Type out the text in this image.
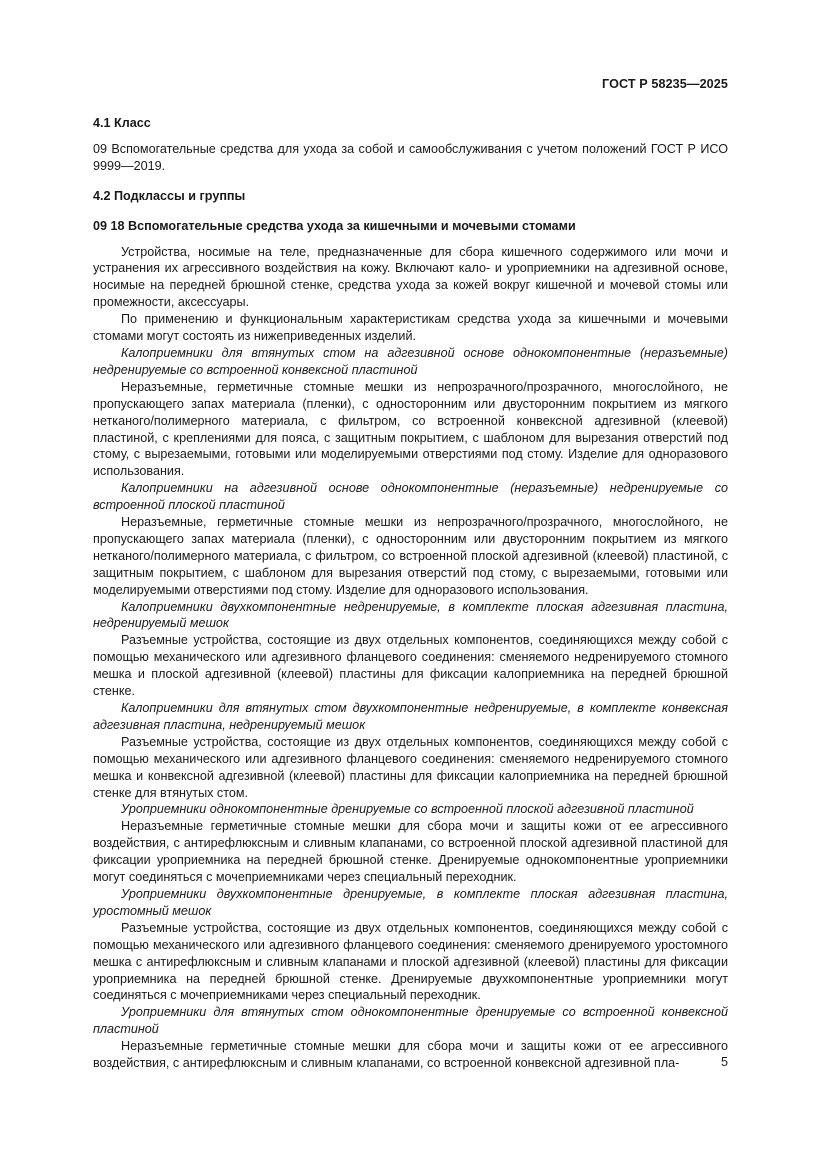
ГОСТ Р 58235—2025

4.1 Класс

09 Вспомогательные средства для ухода за собой и самообслуживания с учетом положений ГОСТ Р ИСО 9999—2019.

4.2 Подклассы и группы

09 18 Вспомогательные средства ухода за кишечными и мочевыми стомами

Устройства, носимые на теле, предназначенные для сбора кишечного содержимого или мочи и устранения их агрессивного воздействия на кожу. Включают кало- и уроприемники на адгезивной основе, носимые на передней брюшной стенке, средства ухода за кожей вокруг кишечной и мочевой стомы или промежности, аксессуары.

По применению и функциональным характеристикам средства ухода за кишечными и мочевыми стомами могут состоять из нижеприведенных изделий.

Калоприемники для втянутых стом на адгезивной основе однокомпонентные (неразъемные) недренируемые со встроенной конвексной пластиной

Неразъемные, герметичные стомные мешки из непрозрачного/прозрачного, многослойного, не пропускающего запах материала (пленки), с односторонним или двусторонним покрытием из мягкого нетканого/полимерного материала, с фильтром, со встроенной конвексной адгезивной (клеевой) пластиной, с креплениями для пояса, с защитным покрытием, с шаблоном для вырезания отверстий под стому, с вырезаемыми, готовыми или моделируемыми отверстиями под стому. Изделие для одноразового использования.

Калоприемники на адгезивной основе однокомпонентные (неразъемные) недренируемые со встроенной плоской пластиной

Неразъемные, герметичные стомные мешки из непрозрачного/прозрачного, многослойного, не пропускающего запах материала (пленки), с односторонним или двусторонним покрытием из мягкого нетканого/полимерного материала, с фильтром, со встроенной плоской адгезивной (клеевой) пластиной, с защитным покрытием, с шаблоном для вырезания отверстий под стому, с вырезаемыми, готовыми или моделируемыми отверстиями под стому. Изделие для одноразового использования.

Калоприемники двухкомпонентные недренируемые, в комплекте плоская адгезивная пластина, недренируемый мешок

Разъемные устройства, состоящие из двух отдельных компонентов, соединяющихся между собой с помощью механического или адгезивного фланцевого соединения: сменяемого недренируемого стомного мешка и плоской адгезивной (клеевой) пластины для фиксации калоприемника на передней брюшной стенке.

Калоприемники для втянутых стом двухкомпонентные недренируемые, в комплекте конвексная адгезивная пластина, недренируемый мешок

Разъемные устройства, состоящие из двух отдельных компонентов, соединяющихся между собой с помощью механического или адгезивного фланцевого соединения: сменяемого недренируемого стомного мешка и конвексной адгезивной (клеевой) пластины для фиксации калоприемника на передней брюшной стенке для втянутых стом.

Уроприемники однокомпонентные дренируемые со встроенной плоской адгезивной пластиной

Неразъемные герметичные стомные мешки для сбора мочи и защиты кожи от ее агрессивного воздействия, с антирефлюксным и сливным клапанами, со встроенной плоской адгезивной пластиной для фиксации уроприемника на передней брюшной стенке. Дренируемые однокомпонентные уроприемники могут соединяться с мочеприемниками через специальный переходник.

Уроприемники двухкомпонентные дренируемые, в комплекте плоская адгезивная пластина, уростомный мешок

Разъемные устройства, состоящие из двух отдельных компонентов, соединяющихся между собой с помощью механического или адгезивного фланцевого соединения: сменяемого дренируемого уростомного мешка с антирефлюксным и сливным клапанами и плоской адгезивной (клеевой) пластины для фиксации уроприемника на передней брюшной стенке. Дренируемые двухкомпонентные уроприемники могут соединяться с мочеприемниками через специальный переходник.

Уроприемники для втянутых стом однокомпонентные дренируемые со встроенной конвексной пластиной

Неразъемные герметичные стомные мешки для сбора мочи и защиты кожи от ее агрессивного воздействия, с антирефлюксным и сливным клапанами, со встроенной конвексной адгезивной пла-	5
